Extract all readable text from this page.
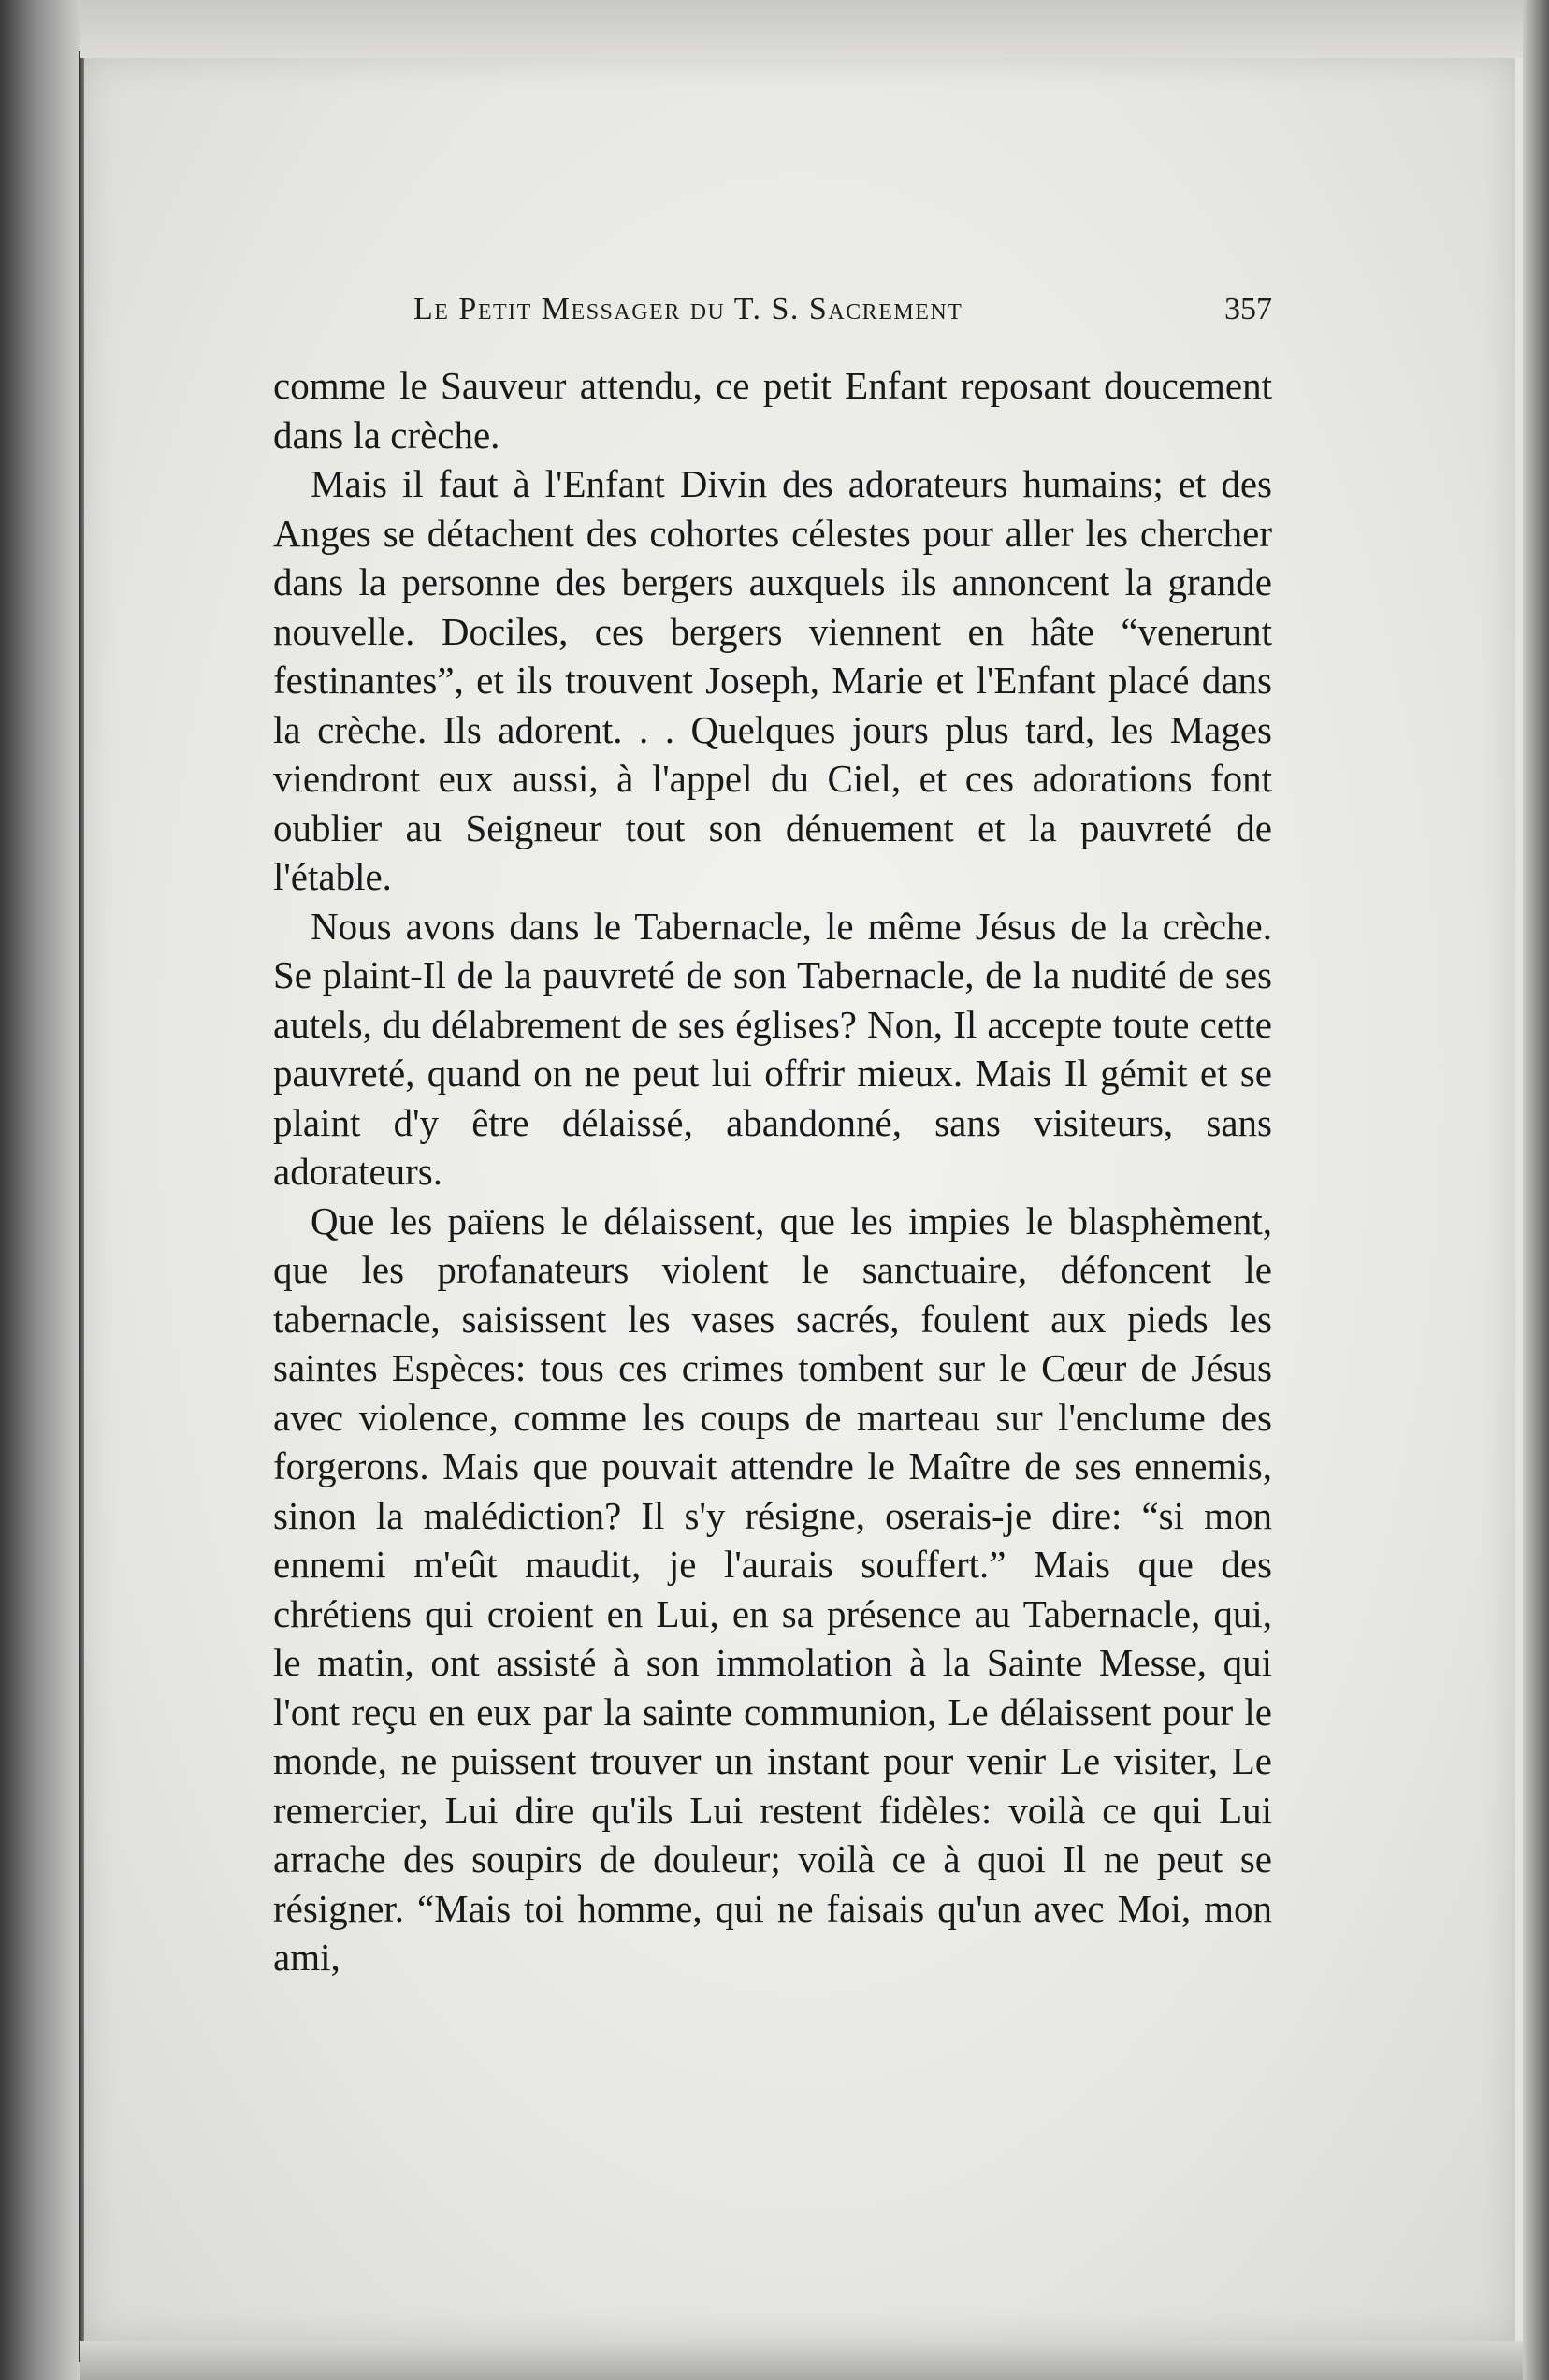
Le Petit Messager du T. S. Sacrement	357

comme le Sauveur attendu, ce petit Enfant reposant doucement dans la crèche.

Mais il faut à l'Enfant Divin des adorateurs humains; et des Anges se détachent des cohortes célestes pour aller les chercher dans la personne des bergers auxquels ils annoncent la grande nouvelle. Dociles, ces bergers viennent en hâte “venerunt festinantes”, et ils trouvent Joseph, Marie et l'Enfant placé dans la crèche. Ils adorent. . . Quelques jours plus tard, les Mages viendront eux aussi, à l'appel du Ciel, et ces adorations font oublier au Seigneur tout son dénuement et la pauvreté de l'étable.

Nous avons dans le Tabernacle, le même Jésus de la crèche. Se plaint-Il de la pauvreté de son Tabernacle, de la nudité de ses autels, du délabrement de ses églises? Non, Il accepte toute cette pauvreté, quand on ne peut lui offrir mieux. Mais Il gémit et se plaint d'y être délaissé, abandonné, sans visiteurs, sans adorateurs.

Que les païens le délaissent, que les impies le blasphèment, que les profanateurs violent le sanctuaire, défoncent le tabernacle, saisissent les vases sacrés, foulent aux pieds les saintes Espèces: tous ces crimes tombent sur le Cœur de Jésus avec violence, comme les coups de marteau sur l'enclume des forgerons. Mais que pouvait attendre le Maître de ses ennemis, sinon la malédiction? Il s'y résigne, oserais-je dire: “si mon ennemi m'eût maudit, je l'aurais souffert.” Mais que des chrétiens qui croient en Lui, en sa présence au Tabernacle, qui, le matin, ont assisté à son immolation à la Sainte Messe, qui l'ont reçu en eux par la sainte communion, Le délaissent pour le monde, ne puissent trouver un instant pour venir Le visiter, Le remercier, Lui dire qu'ils Lui restent fidèles: voilà ce qui Lui arrache des soupirs de douleur; voilà ce à quoi Il ne peut se résigner. “Mais toi homme, qui ne faisais qu'un avec Moi, mon ami,
